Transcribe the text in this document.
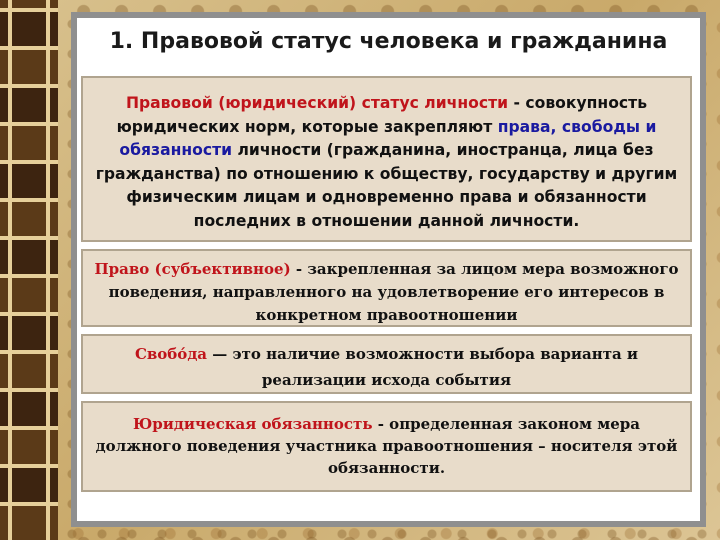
1. Правовой статус человека и гражданина
Правовой (юридический) статус личности - совокупность юридических норм, которые закрепляют права, свободы и обязанности личности (гражданина, иностранца, лица без гражданства) по отношению к обществу, государству и другим физическим лицам и одновременно права и обязанности последних в отношении данной личности.
Право (субъективное) - закрепленная за лицом мера возможного поведения, направленного на удовлетворение его интересов в конкретном правоотношении
Свобо́да — это наличие возможности выбора варианта и реализации исхода события
Юридическая обязанность - определенная законом мера должного поведения участника правоотношения – носителя этой обязанности.
